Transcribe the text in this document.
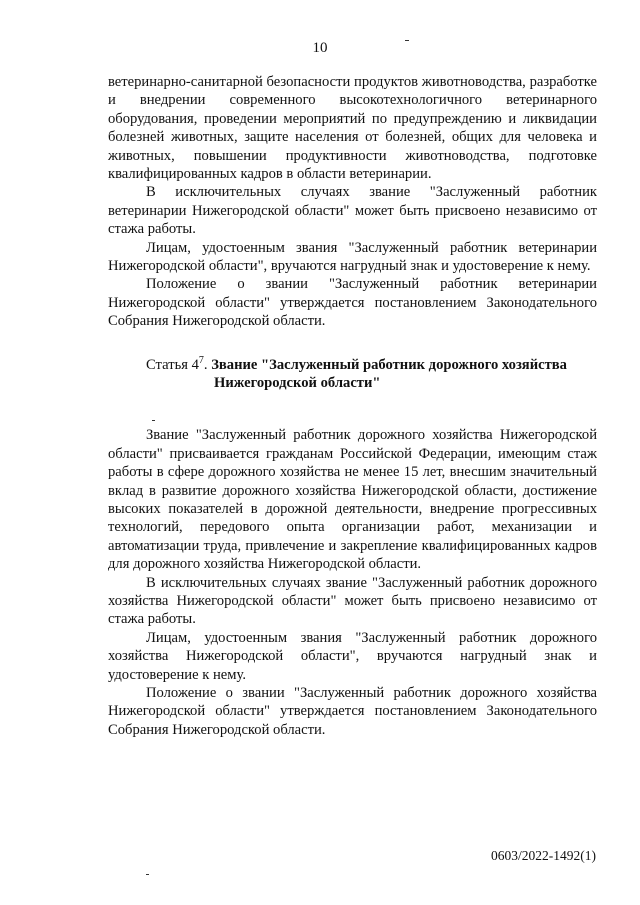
10

ветеринарно-санитарной безопасности продуктов животноводства, разработке и внедрении современного высокотехнологичного ветеринарного оборудования, проведении мероприятий по предупреждению и ликвидации болезней животных, защите населения от болезней, общих для человека и животных, повышении продуктивности животноводства, подготовке квалифицированных кадров в области ветеринарии.

В исключительных случаях звание "Заслуженный работник ветеринарии Нижегородской области" может быть присвоено независимо от стажа работы.

Лицам, удостоенным звания "Заслуженный работник ветеринарии Нижегородской области", вручаются нагрудный знак и удостоверение к нему.

Положение о звании "Заслуженный работник ветеринарии Нижегородской области" утверждается постановлением Законодательного Собрания Нижегородской области.

Статья $4^7$. Звание "Заслуженный работник дорожного хозяйства
Нижегородской области"

Звание "Заслуженный работник дорожного хозяйства Нижегородской области" присваивается гражданам Российской Федерации, имеющим стаж работы в сфере дорожного хозяйства не менее 15 лет, внесшим значительный вклад в развитие дорожного хозяйства Нижегородской области, достижение высоких показателей в дорожной деятельности, внедрение прогрессивных технологий, передового опыта организации работ, механизации и автоматизации труда, привлечение и закрепление квалифицированных кадров для дорожного хозяйства Нижегородской области.

В исключительных случаях звание "Заслуженный работник дорожного хозяйства Нижегородской области" может быть присвоено независимо от стажа работы.

Лицам, удостоенным звания "Заслуженный работник дорожного хозяйства Нижегородской области", вручаются нагрудный знак и удостоверение к нему.

Положение о звании "Заслуженный работник дорожного хозяйства Нижегородской области" утверждается постановлением Законодательного Собрания Нижегородской области.

0603/2022-1492(1)
